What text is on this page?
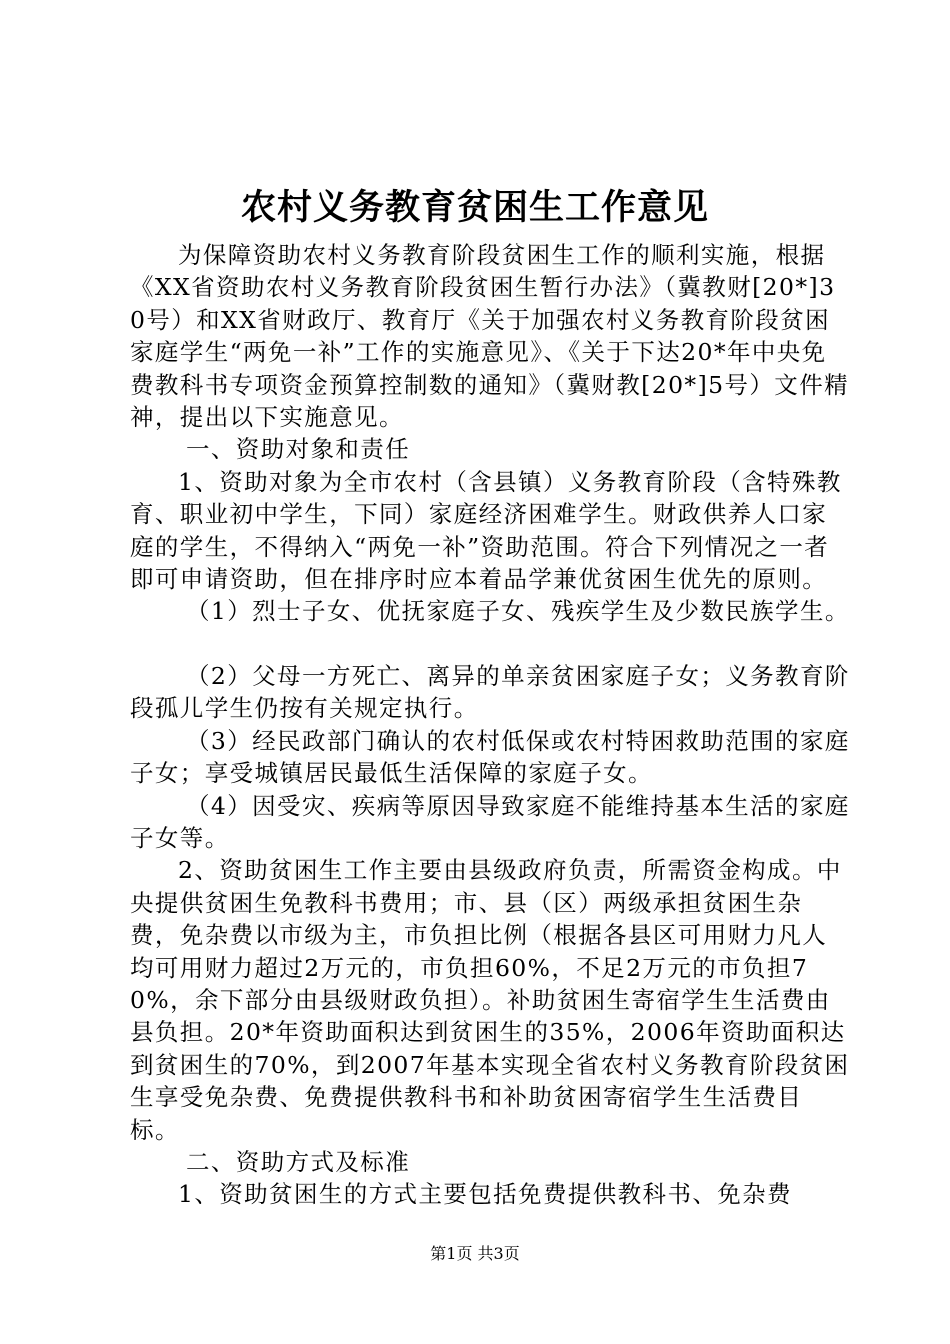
农村义务教育贫困生工作意见

为保障资助农村义务教育阶段贫困生工作的顺利实施，根据《XX省资助农村义务教育阶段贫困生暂行办法》（冀教财[20*]30号）和XX省财政厅、教育厅《关于加强农村义务教育阶段贫困家庭学生“两免一补”工作的实施意见》、《关于下达20*年中央免费教科书专项资金预算控制数的通知》（冀财教[20*]5号）文件精神，提出以下实施意见。

一、资助对象和责任

1、资助对象为全市农村（含县镇）义务教育阶段（含特殊教育、职业初中学生，下同）家庭经济困难学生。财政供养人口家庭的学生，不得纳入“两免一补”资助范围。符合下列情况之一者即可申请资助，但在排序时应本着品学兼优贫困生优先的原则。

（1）烈士子女、优抚家庭子女、残疾学生及少数民族学生。

（2）父母一方死亡、离异的单亲贫困家庭子女；义务教育阶段孤儿学生仍按有关规定执行。

（3）经民政部门确认的农村低保或农村特困救助范围的家庭子女；享受城镇居民最低生活保障的家庭子女。

（4）因受灾、疾病等原因导致家庭不能维持基本生活的家庭子女等。

2、资助贫困生工作主要由县级政府负责，所需资金构成。中央提供贫困生免教科书费用；市、县（区）两级承担贫困生杂费，免杂费以市级为主，市负担比例（根据各县区可用财力凡人均可用财力超过2万元的，市负担60%，不足2万元的市负担70%，余下部分由县级财政负担）。补助贫困生寄宿学生生活费由县负担。20*年资助面积达到贫困生的35%，2006年资助面积达到贫困生的70%，到2007年基本实现全省农村义务教育阶段贫困生享受免杂费、免费提供教科书和补助贫困寄宿学生生活费目标。

二、资助方式及标准

1、资助贫困生的方式主要包括免费提供教科书、免杂费

第1页 共3页
